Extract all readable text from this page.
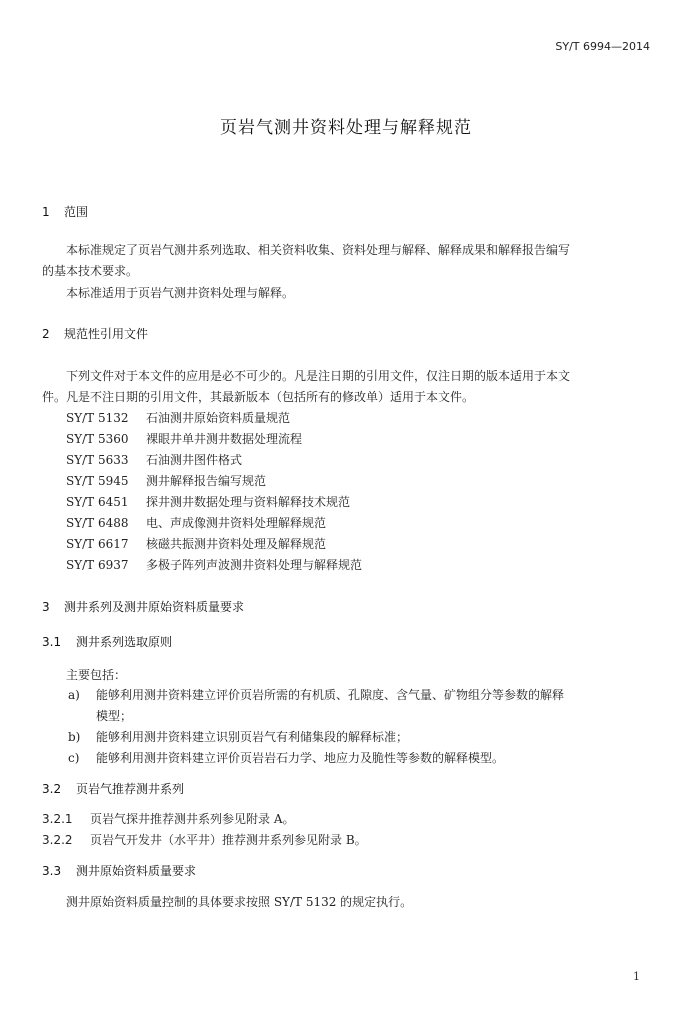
SY/T 6994—2014
页岩气测井资料处理与解释规范
1 范围
本标准规定了页岩气测井系列选取、相关资料收集、资料处理与解释、解释成果和解释报告编写
的基本技术要求。
本标准适用于页岩气测井资料处理与解释。
2 规范性引用文件
下列文件对于本文件的应用是必不可少的。凡是注日期的引用文件，仅注日期的版本适用于本文
件。凡是不注日期的引用文件，其最新版本（包括所有的修改单）适用于本文件。
SY/T 5132 石油测井原始资料质量规范
SY/T 5360 裸眼井单井测井数据处理流程
SY/T 5633 石油测井图件格式
SY/T 5945 测井解释报告编写规范
SY/T 6451 探井测井数据处理与资料解释技术规范
SY/T 6488 电、声成像测井资料处理解释规范
SY/T 6617 核磁共振测井资料处理及解释规范
SY/T 6937 多极子阵列声波测井资料处理与解释规范
3 测井系列及测井原始资料质量要求
3.1 测井系列选取原则
主要包括：
a) 能够利用测井资料建立评价页岩所需的有机质、孔隙度、含气量、矿物组分等参数的解释
模型；
b) 能够利用测井资料建立识别页岩气有利储集段的解释标准；
c) 能够利用测井资料建立评价页岩岩石力学、地应力及脆性等参数的解释模型。
3.2 页岩气推荐测井系列
3.2.1 页岩气探井推荐测井系列参见附录 A。
3.2.2 页岩气开发井（水平井）推荐测井系列参见附录 B。
3.3 测井原始资料质量要求
测井原始资料质量控制的具体要求按照 SY/T 5132 的规定执行。
1
